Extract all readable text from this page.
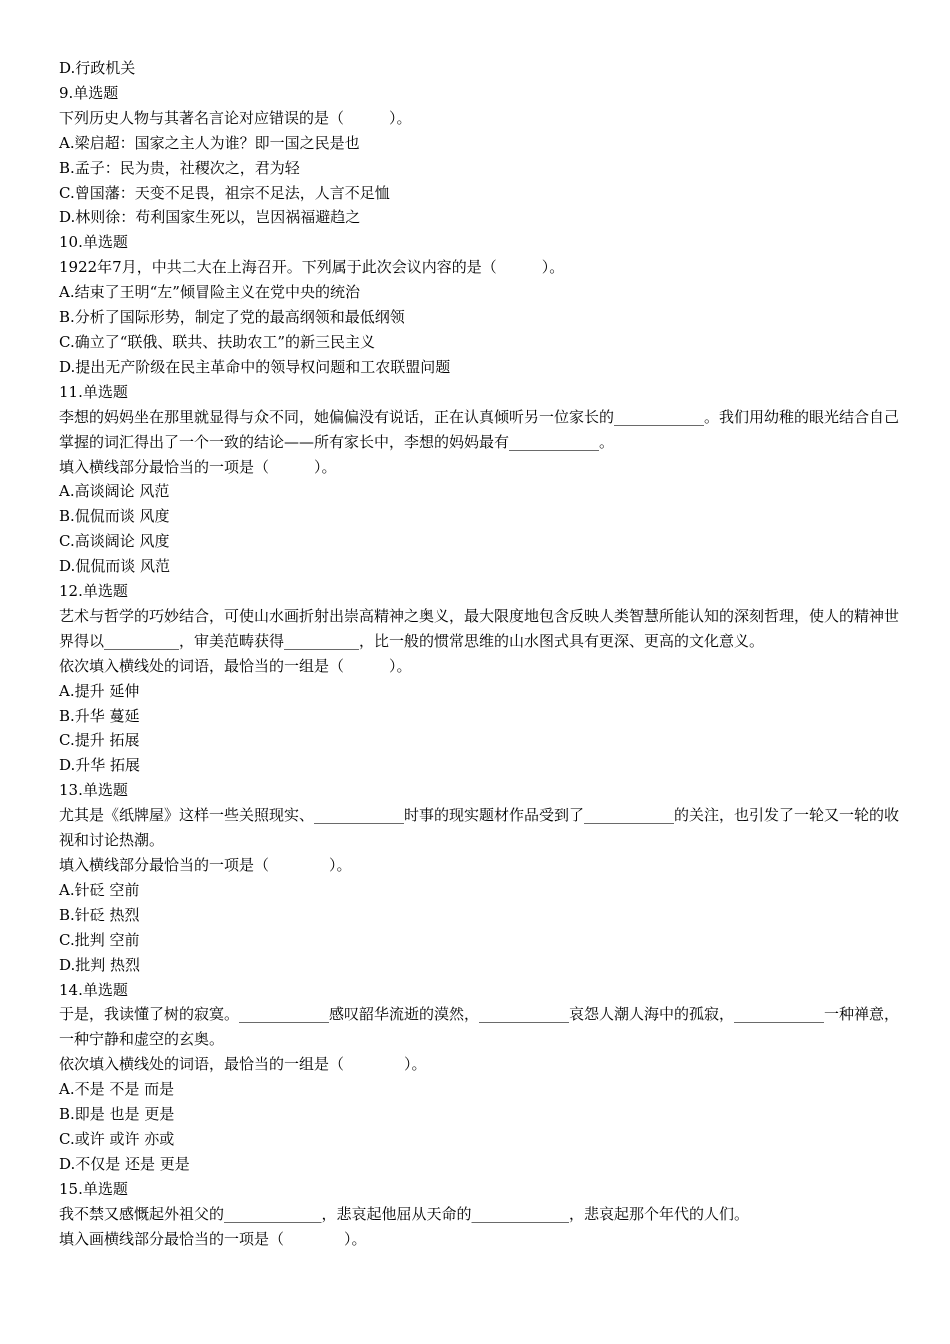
D.行政机关
9.单选题
下列历史人物与其著名言论对应错误的是（　　　）。
A.梁启超：国家之主人为谁？即一国之民是也
B.孟子：民为贵，社稷次之，君为轻
C.曾国藩：天变不足畏，祖宗不足法，人言不足恤
D.林则徐：苟利国家生死以，岂因祸福避趋之
10.单选题
1922年7月，中共二大在上海召开。下列属于此次会议内容的是（　　　）。
A.结束了王明“左”倾冒险主义在党中央的统治
B.分析了国际形势，制定了党的最高纲领和最低纲领
C.确立了“联俄、联共、扶助农工”的新三民主义
D.提出无产阶级在民主革命中的领导权问题和工农联盟问题
11.单选题
李想的妈妈坐在那里就显得与众不同，她偏偏没有说话，正在认真倾听另一位家长的____________。我们用幼稚的眼光结合自己掌握的词汇得出了一个一致的结论——所有家长中，李想的妈妈最有____________。
填入横线部分最恰当的一项是（　　　）。
A.高谈阔论 风范
B.侃侃而谈 风度
C.高谈阔论 风度
D.侃侃而谈 风范
12.单选题
艺术与哲学的巧妙结合，可使山水画折射出崇高精神之奥义，最大限度地包含反映人类智慧所能认知的深刻哲理，使人的精神世界得以__________，审美范畴获得__________，比一般的惯常思维的山水图式具有更深、更高的文化意义。
依次填入横线处的词语，最恰当的一组是（　　　）。
A.提升 延伸
B.升华 蔓延
C.提升 拓展
D.升华 拓展
13.单选题
尤其是《纸牌屋》这样一些关照现实、____________时事的现实题材作品受到了____________的关注，也引发了一轮又一轮的收视和讨论热潮。
填入横线部分最恰当的一项是（　　　　）。
A.针砭 空前
B.针砭 热烈
C.批判 空前
D.批判 热烈
14.单选题
于是，我读懂了树的寂寞。____________感叹韶华流逝的漠然，____________哀怨人潮人海中的孤寂，____________一种禅意，一种宁静和虚空的玄奥。
依次填入横线处的词语，最恰当的一组是（　　　　）。
A.不是 不是 而是
B.即是 也是 更是
C.或许 或许 亦或
D.不仅是 还是 更是
15.单选题
我不禁又感慨起外祖父的_____________，悲哀起他屈从天命的_____________，悲哀起那个年代的人们。
填入画横线部分最恰当的一项是（　　　　）。
